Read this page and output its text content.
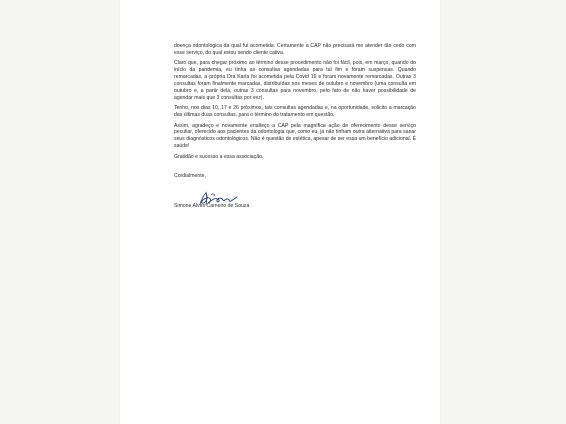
doença odontológica da qual fui acometida. Certamente a CAP não precisará me atender tão cedo com esse serviço, do qual estou sendo cliente cativa.

Claro que, para chegar próximo ao término desse procedimento não foi fácil, pois, em março, quando do início da pandemia, eu tinha as consultas agendadas para tal fim e foram suspensas. Quando remarcadas, a própria Dra Karla foi acometida pela Covid 19 e foram novamente remarcadas. Outras 3 consultas foram finalmente marcadas, distribuídas nos meses de outubro e novembro (uma consulta em outubro e, a partir dela, outras 3 consultas para novembro, pelo fato de não haver possibilidade de agendar mais que 3 consultas por vez).

Tenho, nos dias 10, 17 e 26 próximos, tais consultas agendadas e, na oportunidade, solicito a marcação das últimas duas consultas, para o término do tratamento em questão.

Assim, agradeço e novamente enalteço a CAP pela magnífica ação de oferecimento desse serviço peculiar, oferecido aos pacientes da odontologia que, como eu, já não tinham outra alternativa para sanar seus diagnósticos odontológicos. Não é questão de estética, apesar de ser essa um benefício adicional. É saúde!

Gratidão e sucesso a essa associação.

Cordialmente,

Simone Alves Carneiro de Souza
